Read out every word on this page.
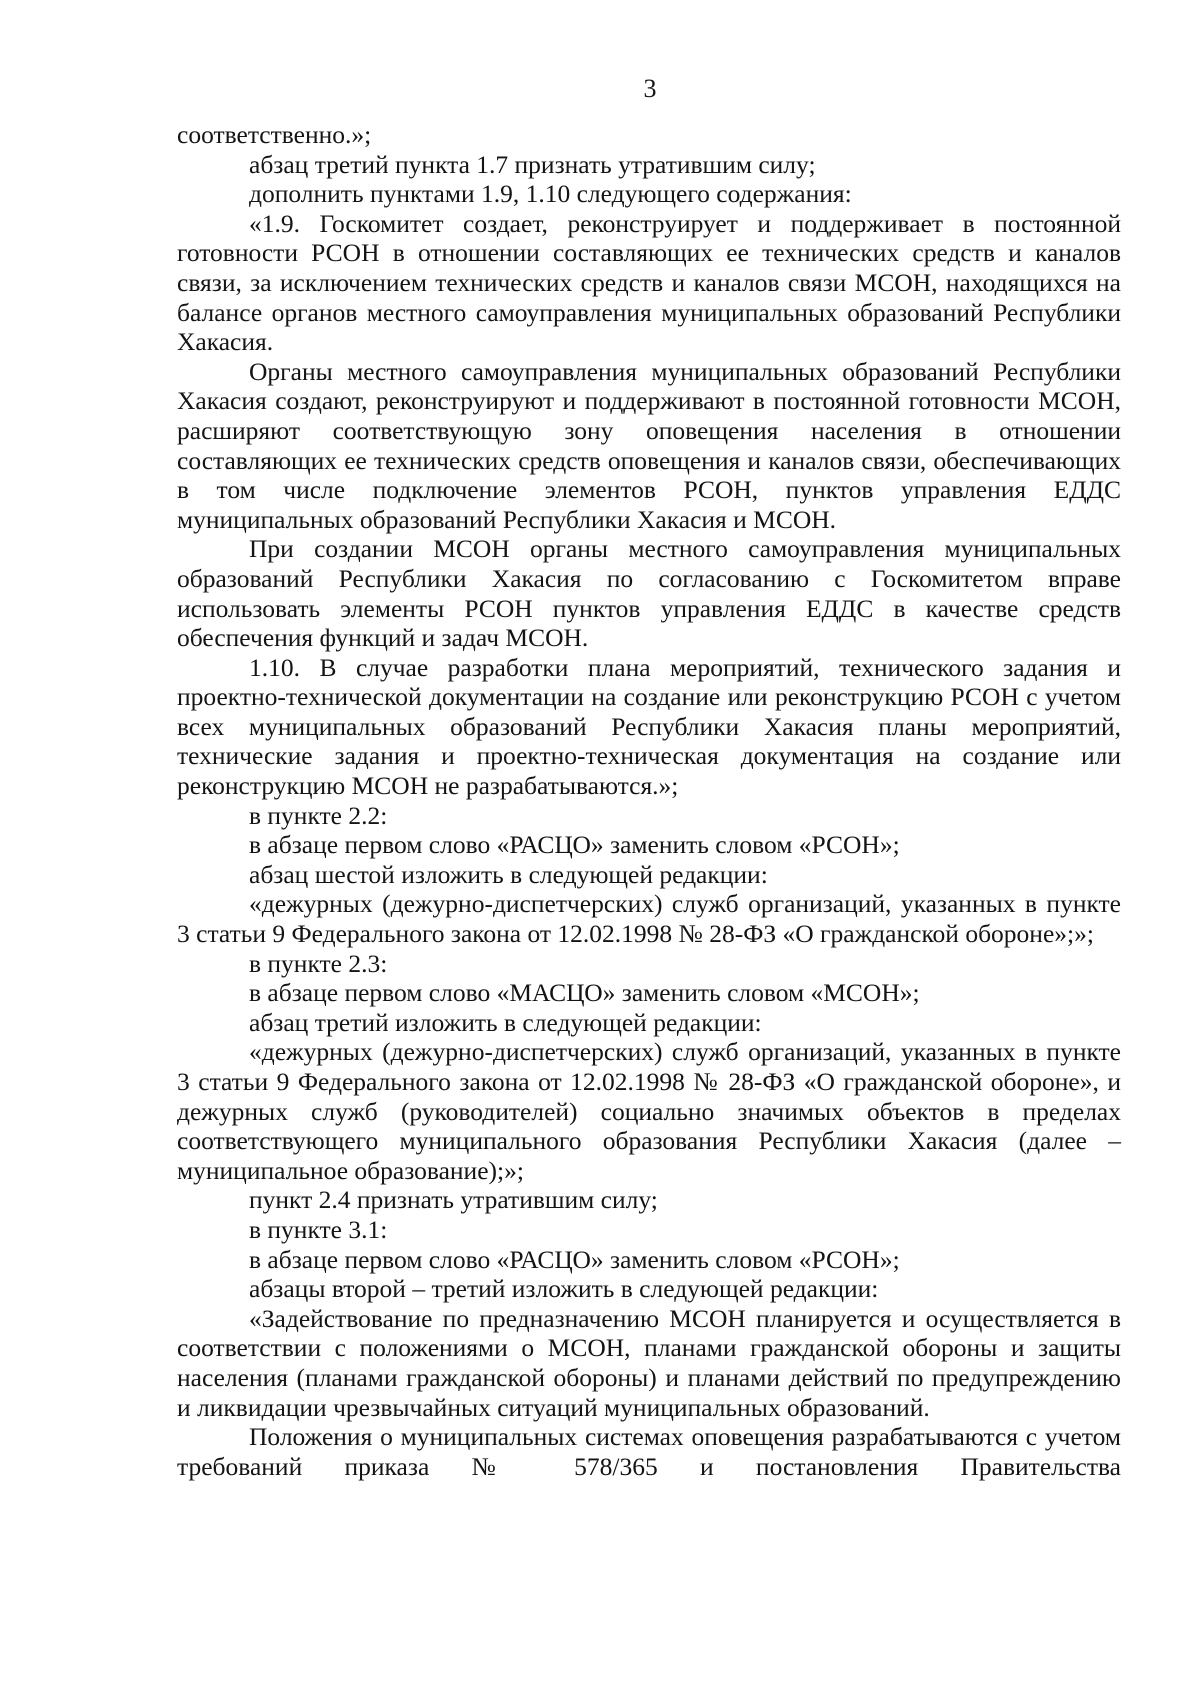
3

соответственно.»;

абзац третий пункта 1.7 признать утратившим силу;

дополнить пунктами 1.9, 1.10 следующего содержания:

«1.9. Госкомитет создает, реконструирует и поддерживает в постоянной готовности РСОН в отношении составляющих ее технических средств и каналов связи, за исключением технических средств и каналов связи МСОН, находящихся на балансе органов местного самоуправления муниципальных образований Республики Хакасия.

Органы местного самоуправления муниципальных образований Республики Хакасия создают, реконструируют и поддерживают в постоянной готовности МСОН, расширяют соответствующую зону оповещения населения в отношении составляющих ее технических средств оповещения и каналов связи, обеспечивающих в том числе подключение элементов РСОН, пунктов управления ЕДДС муниципальных образований Республики Хакасия и МСОН.

При создании МСОН органы местного самоуправления муниципальных образований Республики Хакасия по согласованию с Госкомитетом вправе использовать элементы РСОН пунктов управления ЕДДС в качестве средств обеспечения функций и задач МСОН.

1.10. В случае разработки плана мероприятий, технического задания и проектно-технической документации на создание или реконструкцию РСОН с учетом всех муниципальных образований Республики Хакасия планы мероприятий, технические задания и проектно-техническая документация на создание или реконструкцию МСОН не разрабатываются.»;

в пункте 2.2:

в абзаце первом слово «РАСЦО» заменить словом «РСОН»;

абзац шестой изложить в следующей редакции:

«дежурных (дежурно-диспетчерских) служб организаций, указанных в пункте 3 статьи 9 Федерального закона от 12.02.1998 № 28-ФЗ «О гражданской обороне»;»;

в пункте 2.3:

в абзаце первом слово «МАСЦО» заменить словом «МСОН»;

абзац третий изложить в следующей редакции:

«дежурных (дежурно-диспетчерских) служб организаций, указанных в пункте 3 статьи 9 Федерального закона от 12.02.1998 № 28-ФЗ «О гражданской обороне», и дежурных служб (руководителей) социально значимых объектов в пределах соответствующего муниципального образования Республики Хакасия (далее – муниципальное образование);»;

пункт 2.4 признать утратившим силу;

в пункте 3.1:

в абзаце первом слово «РАСЦО» заменить словом «РСОН»;

абзацы второй – третий изложить в следующей редакции:

«Задействование по предназначению МСОН планируется и осуществляется в соответствии с положениями о МСОН, планами гражданской обороны и защиты населения (планами гражданской обороны) и планами действий по предупреждению и ликвидации чрезвычайных ситуаций муниципальных образований.

Положения о муниципальных системах оповещения разрабатываются с учетом требований приказа № 578/365 и постановления Правительства
